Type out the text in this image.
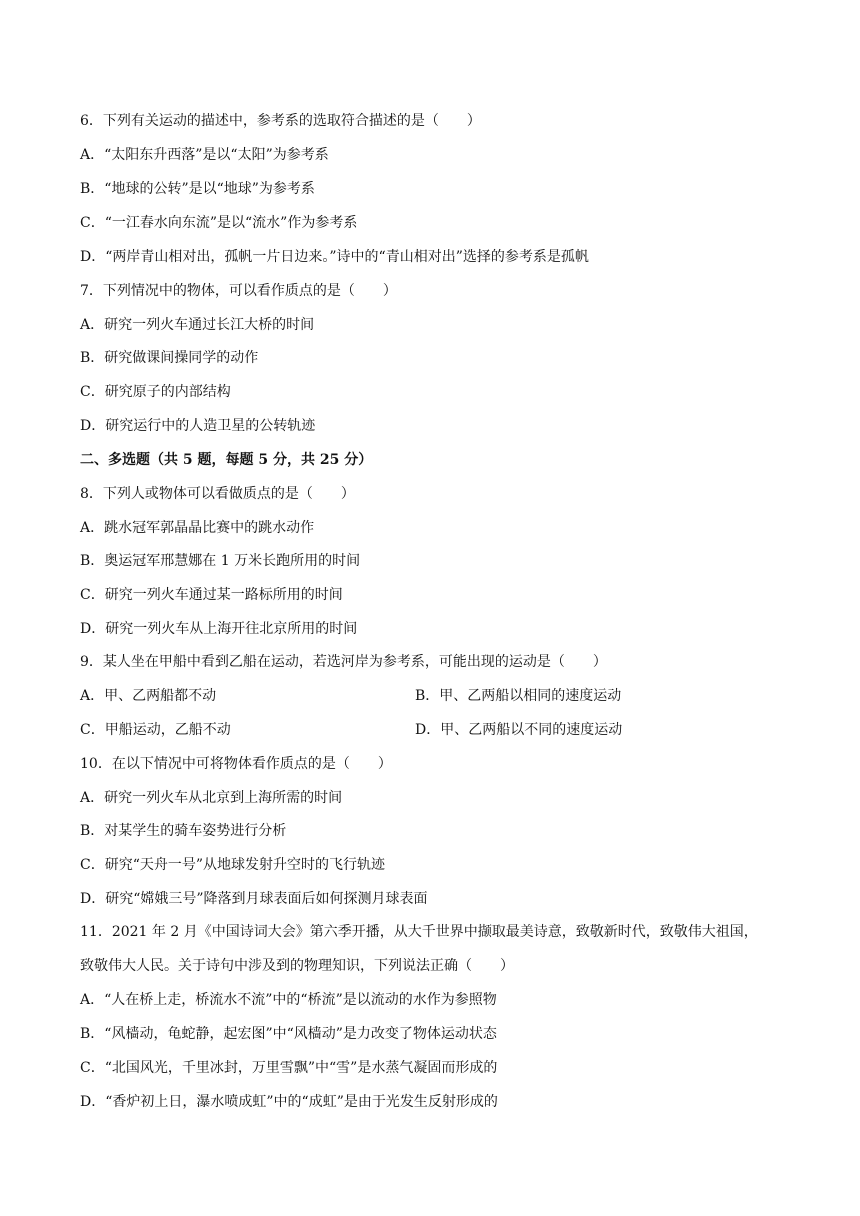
6．下列有关运动的描述中，参考系的选取符合描述的是（　　）
A．“太阳东升西落”是以“太阳”为参考系
B．“地球的公转”是以“地球”为参考系
C．“一江春水向东流”是以“流水”作为参考系
D．“两岸青山相对出，孤帆一片日边来。”诗中的“青山相对出”选择的参考系是孤帆
7．下列情况中的物体，可以看作质点的是（　　）
A．研究一列火车通过长江大桥的时间
B．研究做课间操同学的动作
C．研究原子的内部结构
D．研究运行中的人造卫星的公转轨迹
二、多选题（共 5 题，每题 5 分，共 25 分）
8．下列人或物体可以看做质点的是（　　）
A．跳水冠军郭晶晶比赛中的跳水动作
B．奥运冠军邢慧娜在 1 万米长跑所用的时间
C．研究一列火车通过某一路标所用的时间
D．研究一列火车从上海开往北京所用的时间
9．某人坐在甲船中看到乙船在运动，若选河岸为参考系，可能出现的运动是（　　）
A．甲、乙两船都不动	B．甲、乙两船以相同的速度运动
C．甲船运动，乙船不动	D．甲、乙两船以不同的速度运动
10．在以下情况中可将物体看作质点的是（　　）
A．研究一列火车从北京到上海所需的时间
B．对某学生的骑车姿势进行分析
C．研究“天舟一号”从地球发射升空时的飞行轨迹
D．研究“嫦娥三号”降落到月球表面后如何探测月球表面
11．2021 年 2 月《中国诗词大会》第六季开播，从大千世界中撷取最美诗意，致敬新时代，致敬伟大祖国，
致敬伟大人民。关于诗句中涉及到的物理知识，下列说法正确（　　）
A．“人在桥上走，桥流水不流”中的“桥流”是以流动的水作为参照物
B．“风樯动，龟蛇静，起宏图”中“风樯动”是力改变了物体运动状态
C．“北国风光，千里冰封，万里雪飘”中“雪”是水蒸气凝固而形成的
D．“香炉初上日，瀑水喷成虹”中的“成虹”是由于光发生反射形成的
